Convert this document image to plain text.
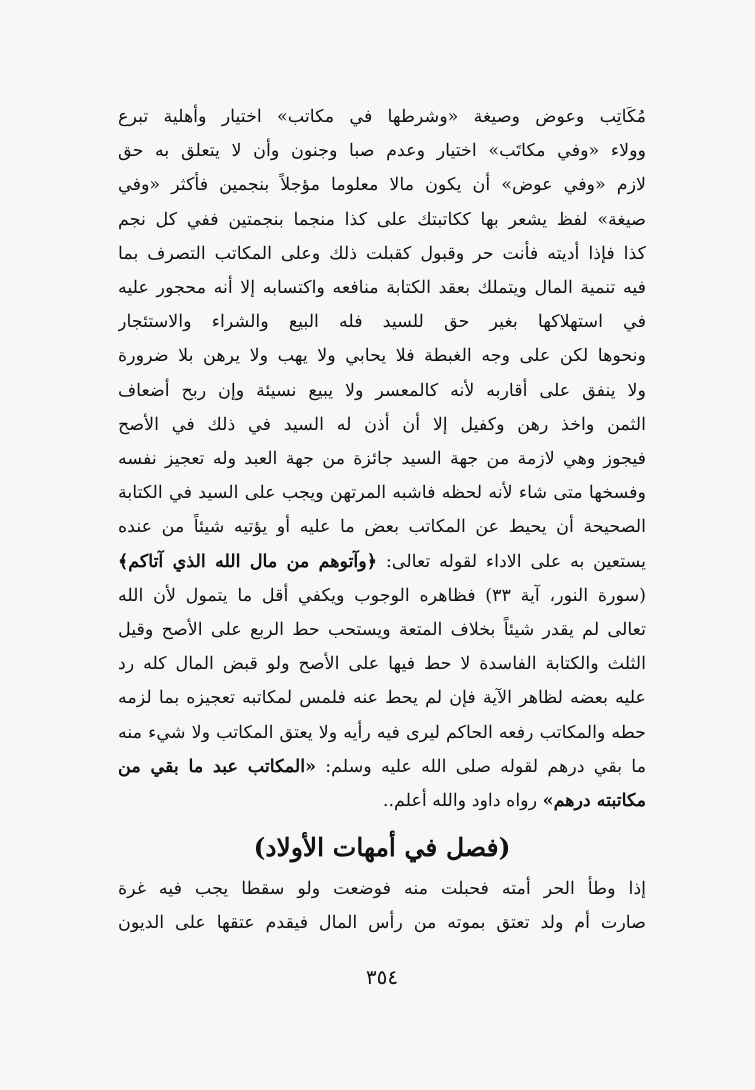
مُكَاتِب وعوض وصيغة «وشرطها في مكاتب» اختيار وأهلية تبرع
وولاء «وفي مكاتَب» اختيار وعدم صبا وجنون وأن لا يتعلق به حق
لازم «وفي عوض» أن يكون مالا معلوما مؤجلاً بنجمين فأكثر «وفي
صيغة» لفظ يشعر بها ككاتبتك على كذا منجما بنجمتين ففي كل نجم
كذا فإذا أديته فأنت حر وقبول كقبلت ذلك وعلى المكاتب التصرف بما
فيه تنمية المال ويتملك بعقد الكتابة منافعه واكتسابه إلا أنه محجور عليه
في استهلاكها بغير حق للسيد فله البيع والشراء والاستئجار
ونحوها لكن على وجه الغبطة فلا يحابي ولا يهب ولا يرهن بلا ضرورة
ولا ينفق على أقاربه لأنه كالمعسر ولا يبيع نسيئة وإن ربح أضعاف
الثمن واخذ رهن وكفيل إلا أن أذن له السيد في ذلك في الأصح
فيجوز وهي لازمة من جهة السيد جائزة من جهة العبد وله تعجيز نفسه
وفسخها متى شاء لأنه لحظه فاشبه المرتهن ويجب على السيد في الكتابة
الصحيحة أن يحيط عن المكاتب بعض ما عليه أو يؤتيه شيئاً من عنده
يستعين به على الاداء لقوله تعالى: ﴿وآتوهم من مال الله الذي آتاكم﴾
(سورة النور، آية ٣٣) فظاهره الوجوب ويكفي أقل ما يتمول لأن الله
تعالى لم يقدر شيئاً بخلاف المتعة ويستحب حط الربع على الأصح وقيل
الثلث والكتابة الفاسدة لا حط فيها على الأصح ولو قبض المال كله رد
عليه بعضه لظاهر الآية فإن لم يحط عنه فلمس لمكاتبه تعجيزه بما لزمه
حطه والمكاتب رفعه الحاكم ليرى فيه رأيه ولا يعتق المكاتب ولا شيء منه
ما بقي درهم لقوله صلى الله عليه وسلم: «المكاتب عبد ما بقي من
مكاتبته درهم» رواه داود والله أعلم..
(فصل في أمهات الأولاد)
إذا وطأ الحر أمته فحبلت منه فوضعت ولو سقطا يجب فيه غرة
صارت أم ولد تعتق بموته من رأس المال فيقدم عتقها على الديون
٣٥٤
